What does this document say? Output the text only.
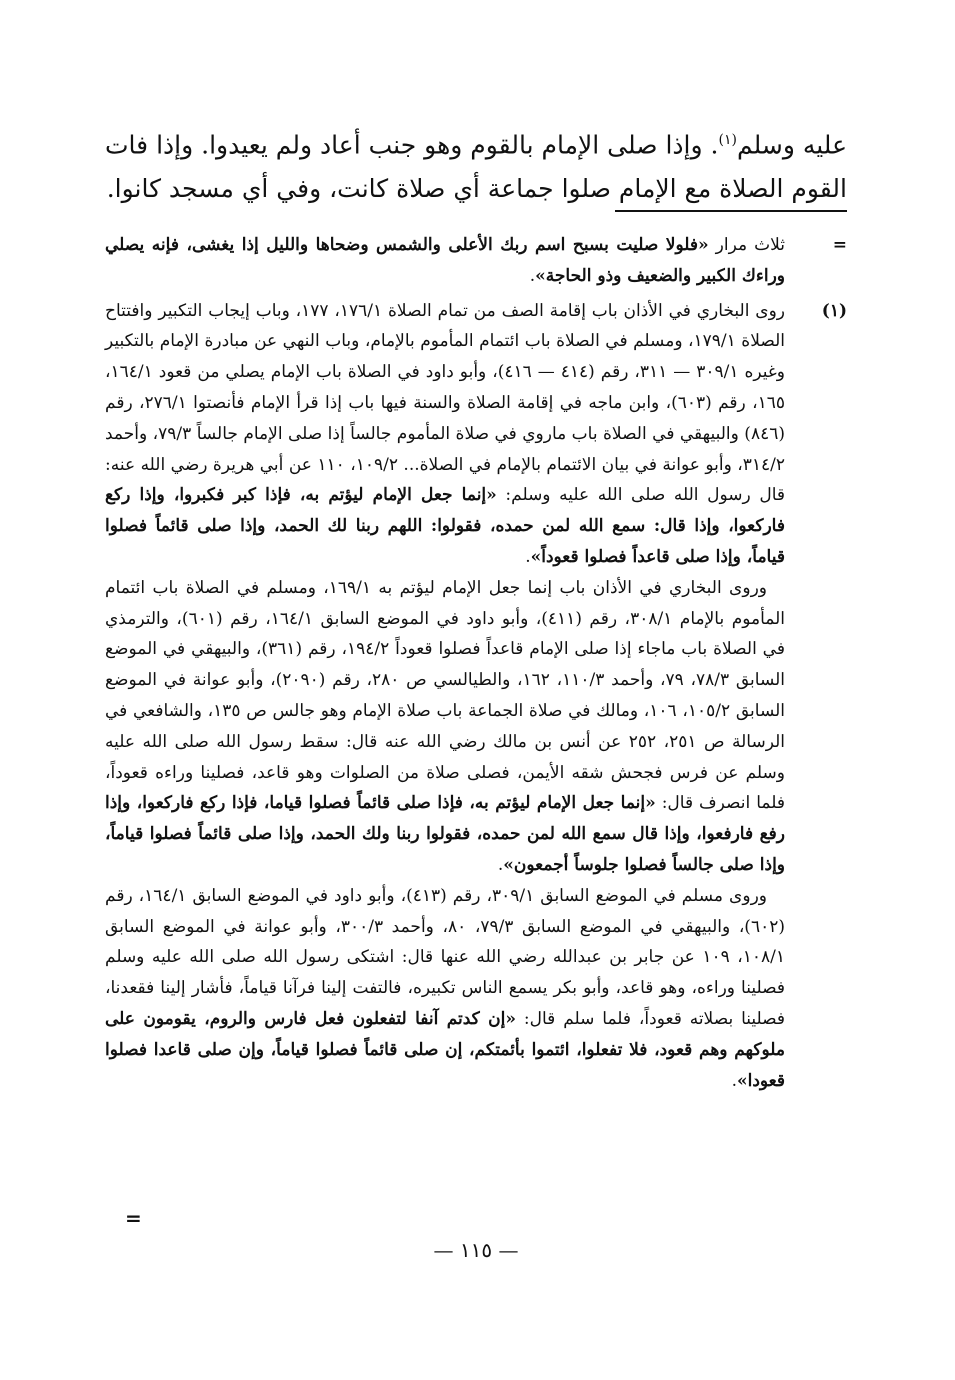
عليه وسلم$^{(١)}$. وإذا صلى الإمام بالقوم وهو جنب أعاد ولم يعيدوا. وإذا فات القوم الصلاة مع الإمام صلوا جماعة أي صلاة كانت، وفي أي مسجد كانوا.

=

ثلاث مرار «فلولا صليت بسبح اسم ربك الأعلى والشمس وضحاها والليل إذا يغشى، فإنه يصلي وراءك الكبير والضعيف وذو الحاجة».

(١)

روى البخاري في الأذان باب إقامة الصف من تمام الصلاة ١٧٦/١، ١٧٧، وباب إيجاب التكبير وافتتاح الصلاة ١٧٩/١، ومسلم في الصلاة باب ائتمام المأموم بالإمام، وباب النهي عن مبادرة الإمام بالتكبير وغيره ٣٠٩/١ — ٣١١، رقم (٤١٤ — ٤١٦)، وأبو داود في الصلاة باب الإمام يصلي من قعود ١٦٤/١، ١٦٥، رقم (٦٠٣)، وابن ماجه في إقامة الصلاة والسنة فيها باب إذا قرأ الإمام فأنصتوا ٢٧٦/١، رقم (٨٤٦) والبيهقي في الصلاة باب ماروي في صلاة المأموم جالساً إذا صلى الإمام جالساً ٧٩/٣، وأحمد ٣١٤/٢، وأبو عوانة في بيان الائتمام بالإمام في الصلاة... ١٠٩/٢، ١١٠ عن أبي هريرة رضي الله عنه: قال رسول الله صلى الله عليه وسلم: «إنما جعل الإمام ليؤتم به، فإذا كبر فكبروا، وإذا ركع فاركعوا، وإذا قال: سمع الله لمن حمده، فقولوا: اللهم ربنا لك الحمد، وإذا صلى قائماً فصلوا قياماً، وإذا صلى قاعداً فصلوا قعوداً».

وروى البخاري في الأذان باب إنما جعل الإمام ليؤتم به ١٦٩/١، ومسلم في الصلاة باب ائتمام المأموم بالإمام ٣٠٨/١، رقم (٤١١)، وأبو داود في الموضع السابق ١٦٤/١، رقم (٦٠١)، والترمذي في الصلاة باب ماجاء إذا صلى الإمام قاعداً فصلوا قعوداً ١٩٤/٢، رقم (٣٦١)، والبيهقي في الموضع السابق ٧٨/٣، ٧٩، وأحمد ١١٠/٣، ١٦٢، والطيالسي ص ٢٨٠، رقم (٢٠٩٠)، وأبو عوانة في الموضع السابق ١٠٥/٢، ١٠٦، ومالك في صلاة الجماعة باب صلاة الإمام وهو جالس ص ١٣٥، والشافعي في الرسالة ص ٢٥١، ٢٥٢ عن أنس بن مالك رضي الله عنه قال: سقط رسول الله صلى الله عليه وسلم عن فرس فجحش شقه الأيمن، فصلى صلاة من الصلوات وهو قاعد، فصلينا وراءه قعوداً، فلما انصرف قال: «إنما جعل الإمام ليؤتم به، فإذا صلى قائماً فصلوا قياما، فإذا ركع فاركعوا، وإذا رفع فارفعوا، وإذا قال سمع الله لمن حمده، فقولوا ربنا ولك الحمد، وإذا صلى قائماً فصلوا قياماً، وإذا صلى جالساً فصلوا جلوساً أجمعون».

وروى مسلم في الموضع السابق ٣٠٩/١، رقم (٤١٣)، وأبو داود في الموضع السابق ١٦٤/١، رقم (٦٠٢)، والبيهقي في الموضع السابق ٧٩/٣، ٨٠، وأحمد ٣٠٠/٣، وأبو عوانة في الموضع السابق ١٠٨/١، ١٠٩ عن جابر بن عبدالله رضي الله عنها قال: اشتكى رسول الله صلى الله عليه وسلم فصلينا وراءه، وهو قاعد، وأبو بكر يسمع الناس تكبيره، فالتفت إلينا فرآنا قياماً، فأشار إلينا فقعدنا، فصلينا بصلاته قعوداً، فلما سلم قال: «إن كدتم آنفا لتفعلون فعل فارس والروم، يقومون على ملوكهم وهم قعود، فلا تفعلوا، ائتموا بأئمتكم، إن صلى قائماً فصلوا قياماً، وإن صلى قاعدا فصلوا قعودا».

=
— ١١٥ —
